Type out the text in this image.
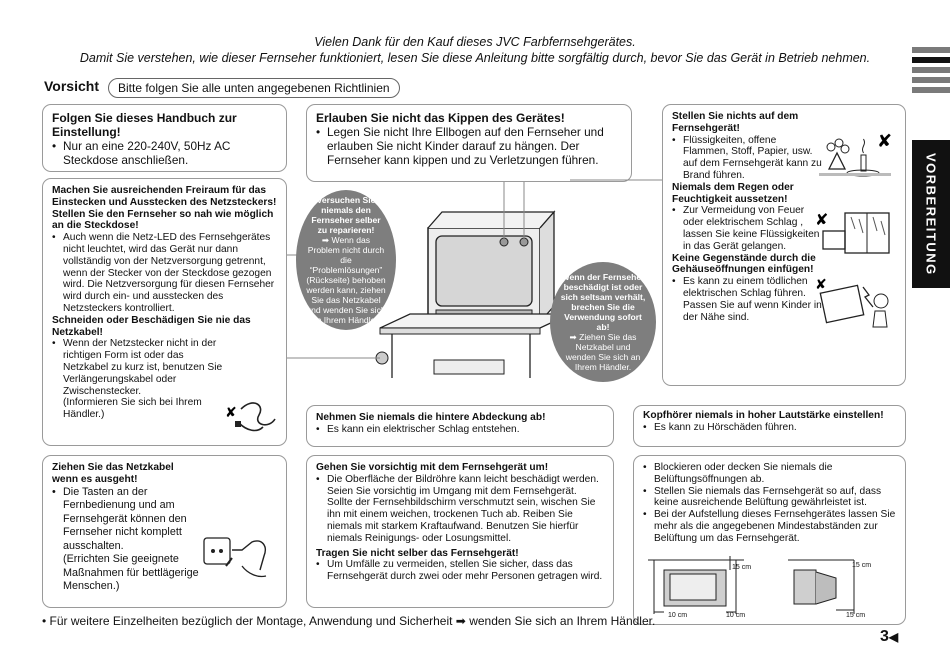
Vielen Dank für den Kauf dieses JVC Farbfernsehgerätes.
Damit Sie verstehen, wie dieser Fernseher funktioniert, lesen Sie diese Anleitung bitte sorgfältig durch, bevor Sie das Gerät in Betrieb nehmen.
Vorsicht	Bitte folgen Sie alle unten angegebenen Richtlinien
VORBEREITUNG

Folgen Sie dieses Handbuch zur Einstellung!

• Nur an eine 220-240V, 50Hz AC Steckdose anschließen.

Machen Sie ausreichenden Freiraum für das Einstecken und Ausstecken des Netzsteckers!

Stellen Sie den Fernseher so nah wie möglich an die Steckdose!

• Auch wenn die Netz-LED des Fernsehgerätes nicht leuchtet, wird das Gerät nur dann vollständig von der Netzversorgung getrennt, wenn der Stecker von der Steckdose gezogen wird. Die Netzversorgung für diesen Fernseher wird durch ein- und ausstecken des Netzsteckers kontrolliert.

Schneiden oder Beschädigen Sie nie das Netzkabel!

• Wenn der Netzstecker nicht in der richtigen Form ist oder das Netzkabel zu kurz ist, benutzen Sie Verlängerungskabel oder Zwischenstecker.

(Informieren Sie sich bei Ihrem Händler.)	✘

Erlauben Sie nicht das Kippen des Gerätes!

• Legen Sie nicht Ihre Ellbogen auf den Fernseher und erlauben Sie nicht Kinder darauf zu hängen. Der Fernseher kann kippen und zu Verletzungen führen.

Stellen Sie nichts auf dem Fernsehgerät!

• Flüssigkeiten, offene Flammen, Stoff, Papier, usw. auf dem Fernsehgerät kann zu Brand führen.

Niemals dem Regen oder Feuchtigkeit aussetzen!

• Zur Vermeidung von Feuer oder elektrischem Schlag , lassen Sie keine Flüssigkeiten in das Gerät gelangen.

Keine Gegenstände durch die Gehäuseöffnungen einfügen!

• Es kann zu einem tödlichen elektrischen Schlag führen. Passen Sie auf wenn Kinder in der Nähe sind.
✘
✘
✘

Versuchen Sie niemals den Fernseher selber zu reparieren!

➡ Wenn das Problem nicht durch die “Problemlösungen” (Rückseite) behoben werden kann, ziehen Sie das Netzkabel und wenden Sie sich an Ihrem Händler.

Wenn der Fernseher beschädigt ist oder sich seltsam verhält, brechen Sie die Verwendung sofort ab!

➡ Ziehen Sie das Netzkabel und wenden Sie sich an Ihrem Händler.

Nehmen Sie niemals die hintere Abdeckung ab!

• Es kann ein elektrischer Schlag entstehen.

Kopfhörer niemals in hoher Lautstärke einstellen!

• Es kann zu Hörschäden führen.

Ziehen Sie das Netzkabel wenn es ausgeht!

• Die Tasten an der Fernbedienung und am Fernsehgerät können den Fernseher nicht komplett ausschalten.

(Errichten Sie geeignete Maßnahmen für bettlägerige Menschen.)

Gehen Sie vorsichtig mit dem Fernsehgerät um!

• Die Oberfläche der Bildröhre kann leicht beschädigt werden. Seien Sie vorsichtig im Umgang mit dem Fernsehgerät. Sollte der Fernsehbildschirm verschmutzt sein, wischen Sie ihn mit einem weichen, trockenen Tuch ab. Reiben Sie niemals mit starkem Kraftaufwand. Benutzen Sie hierfür niemals Reinigungs- oder Losungsmittel.

Tragen Sie nicht selber das Fernsehgerät!

• Um Umfälle zu vermeiden, stellen Sie sicher, dass das Fernsehgerät durch zwei oder mehr Personen getragen wird.
• Blockieren oder decken Sie niemals die Belüftungsöffnungen ab.
• Stellen Sie niemals das Fernsehgerät so auf, dass keine ausreichende Belüftung gewährleistet ist.
• Bei der Aufstellung dieses Fernsehgerätes lassen Sie mehr als die angegebenen Mindestabständen zur Belüftung um das Fernsehgerät.
15 cm
10 cm	10 cm
15 cm
15 cm
• Für weitere Einzelheiten bezüglich der Montage, Anwendung und Sicherheit ➡ wenden Sie sich an Ihrem Händler.
3◀
